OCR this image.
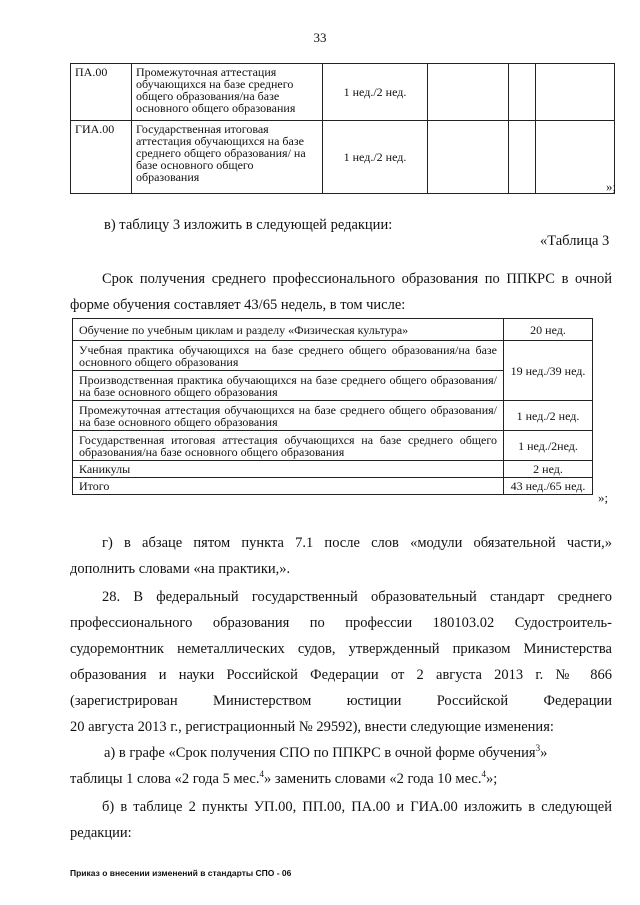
33
ПА.00	Промежуточная аттестация обучающихся на базе среднего общего образования/на базе основного общего образования	1 нед./2 нед.			
ГИА.00	Государственная итоговая аттестация обучающихся на базе среднего общего образования/ на базе основного общего образования	1 нед./2 нед.			
»;
в) таблицу 3 изложить в следующей редакции:
«Таблица 3
Срок получения среднего профессионального образования по ППКРС в очной
форме обучения составляет 43/65 недель, в том числе:
Обучение по учебным циклам и разделу «Физическая культура»	20 нед.
Учебная практика обучающихся на базе среднего общего образования/на базе основного общего образования	19 нед./39 нед.
Производственная практика обучающихся на базе среднего общего образования/на базе основного общего образования	
Промежуточная аттестация обучающихся на базе среднего общего образования/на базе основного общего образования	1 нед./2 нед.
Государственная итоговая аттестация обучающихся на базе среднего общего образования/на базе основного общего образования	1 нед./2нед.
Каникулы	2 нед.
Итого	43 нед./65 нед.
»;
г) в абзаце пятом пункта 7.1 после слов «модули обязательной части,»
дополнить словами «на практики,».
28. В федеральный государственный образовательный стандарт среднего
профессионального образования по профессии 180103.02 Судостроитель-
судоремонтник неметаллических судов, утвержденный приказом Министерства
образования и науки Российской Федерации от 2 августа 2013 г. № 866
(зарегистрирован Министерством юстиции Российской Федерации
20 августа 2013 г., регистрационный № 29592), внести следующие изменения:
а) в графе «Срок получения СПО по ППКРС в очной форме обучения$^3$»
таблицы 1 слова «2 года 5 мес.$^4$» заменить словами «2 года 10 мес.$^4$»;
б) в таблице 2 пункты УП.00, ПП.00, ПА.00 и ГИА.00 изложить в следующей
редакции:
Приказ о внесении изменений в стандарты СПО - 06
